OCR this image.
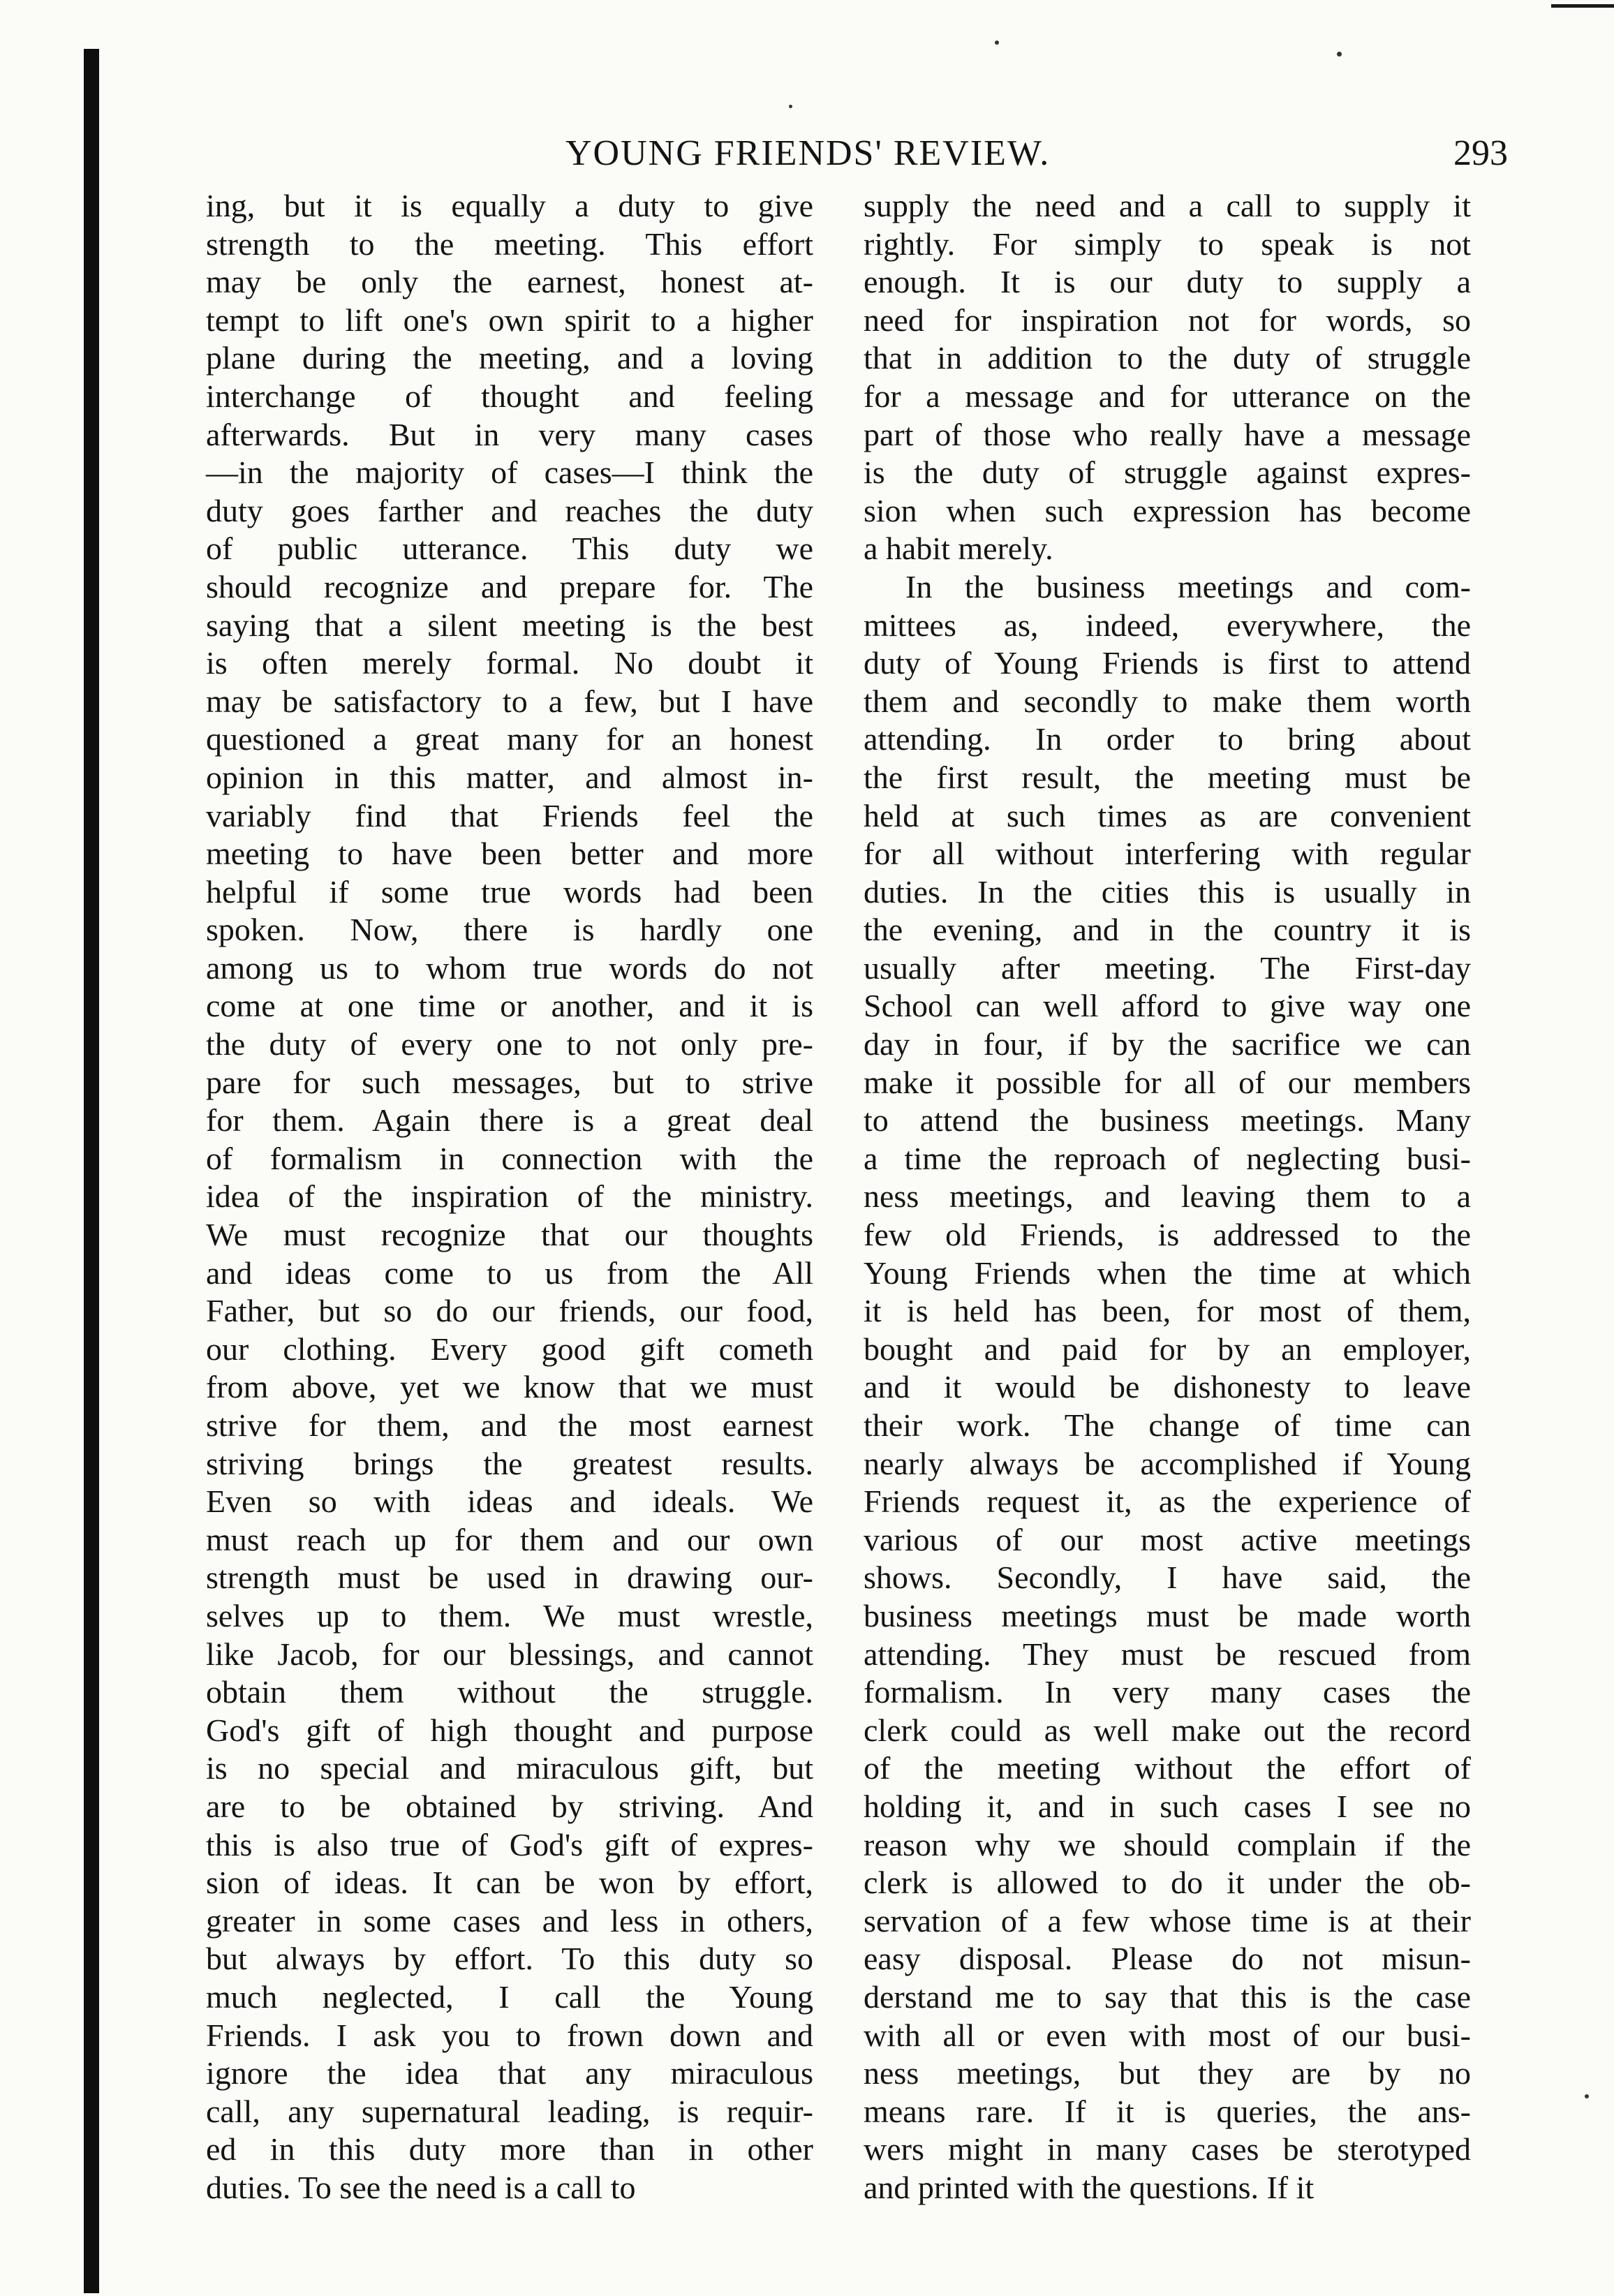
YOUNG FRIENDS' REVIEW.	293
ing, but it is equally a duty to give
strength to the meeting. This effort
may be only the earnest, honest at-
tempt to lift one's own spirit to a higher
plane during the meeting, and a loving
interchange of thought and feeling
afterwards. But in very many cases
—in the majority of cases—I think the
duty goes farther and reaches the duty
of public utterance. This duty we
should recognize and prepare for. The
saying that a silent meeting is the best
is often merely formal. No doubt it
may be satisfactory to a few, but I have
questioned a great many for an honest
opinion in this matter, and almost in-
variably find that Friends feel the
meeting to have been better and more
helpful if some true words had been
spoken. Now, there is hardly one
among us to whom true words do not
come at one time or another, and it is
the duty of every one to not only pre-
pare for such messages, but to strive
for them. Again there is a great deal
of formalism in connection with the
idea of the inspiration of the ministry.
We must recognize that our thoughts
and ideas come to us from the All
Father, but so do our friends, our food,
our clothing. Every good gift cometh
from above, yet we know that we must
strive for them, and the most earnest
striving brings the greatest results.
Even so with ideas and ideals. We
must reach up for them and our own
strength must be used in drawing our-
selves up to them. We must wrestle,
like Jacob, for our blessings, and cannot
obtain them without the struggle.
God's gift of high thought and purpose
is no special and miraculous gift, but
are to be obtained by striving. And
this is also true of God's gift of expres-
sion of ideas. It can be won by effort,
greater in some cases and less in others,
but always by effort. To this duty so
much neglected, I call the Young
Friends. I ask you to frown down and
ignore the idea that any miraculous
call, any supernatural leading, is requir-
ed in this duty more than in other
duties. To see the need is a call to
supply the need and a call to supply it
rightly. For simply to speak is not
enough. It is our duty to supply a
need for inspiration not for words, so
that in addition to the duty of struggle
for a message and for utterance on the
part of those who really have a message
is the duty of struggle against expres-
sion when such expression has become
a habit merely.
In the business meetings and com-
mittees as, indeed, everywhere, the
duty of Young Friends is first to attend
them and secondly to make them worth
attending. In order to bring about
the first result, the meeting must be
held at such times as are convenient
for all without interfering with regular
duties. In the cities this is usually in
the evening, and in the country it is
usually after meeting. The First-day
School can well afford to give way one
day in four, if by the sacrifice we can
make it possible for all of our members
to attend the business meetings. Many
a time the reproach of neglecting busi-
ness meetings, and leaving them to a
few old Friends, is addressed to the
Young Friends when the time at which
it is held has been, for most of them,
bought and paid for by an employer,
and it would be dishonesty to leave
their work. The change of time can
nearly always be accomplished if Young
Friends request it, as the experience of
various of our most active meetings
shows. Secondly, I have said, the
business meetings must be made worth
attending. They must be rescued from
formalism. In very many cases the
clerk could as well make out the record
of the meeting without the effort of
holding it, and in such cases I see no
reason why we should complain if the
clerk is allowed to do it under the ob-
servation of a few whose time is at their
easy disposal. Please do not misun-
derstand me to say that this is the case
with all or even with most of our busi-
ness meetings, but they are by no
means rare. If it is queries, the ans-
wers might in many cases be sterotyped
and printed with the questions. If it
